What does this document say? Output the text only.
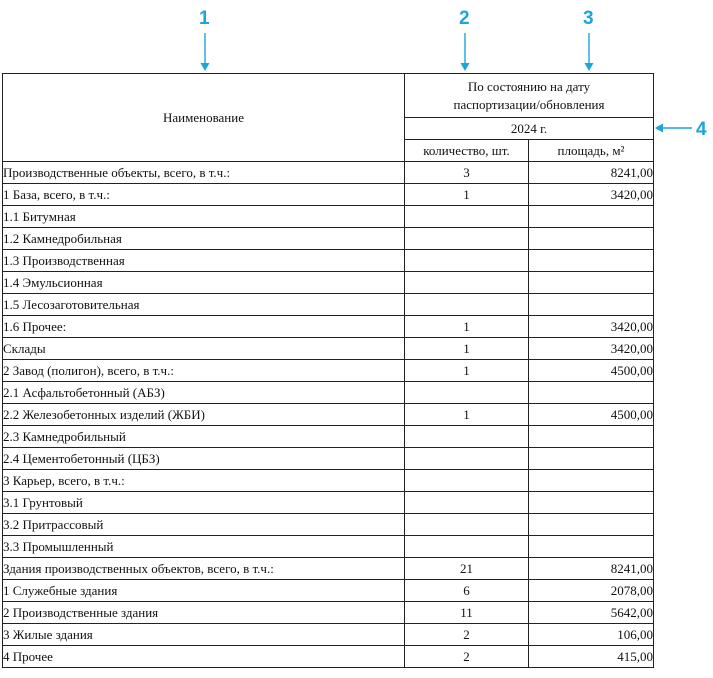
1	2	3
4
Наименование	По состоянию на дату
паспортизации/обновления	
	2024 г.	
	количество, шт.	площадь, м²
Производственные объекты, всего, в т.ч.:	3	8241,00
1 База, всего, в т.ч.:	1	3420,00
1.1 Битумная		
1.2 Камнедробильная		
1.3 Производственная		
1.4 Эмульсионная		
1.5 Лесозаготовительная		
1.6 Прочее:	1	3420,00
Склады	1	3420,00
2 Завод (полигон), всего, в т.ч.:	1	4500,00
2.1 Асфальтобетонный (АБЗ)		
2.2 Железобетонных изделий (ЖБИ)	1	4500,00
2.3 Камнедробильный		
2.4 Цементобетонный (ЦБЗ)		
3 Карьер, всего, в т.ч.:		
3.1 Грунтовый		
3.2 Притрассовый		
3.3 Промышленный		
Здания производственных объектов, всего, в т.ч.:	21	8241,00
1 Служебные здания	6	2078,00
2 Производственные здания	11	5642,00
3 Жилые здания	2	106,00
4 Прочее	2	415,00
